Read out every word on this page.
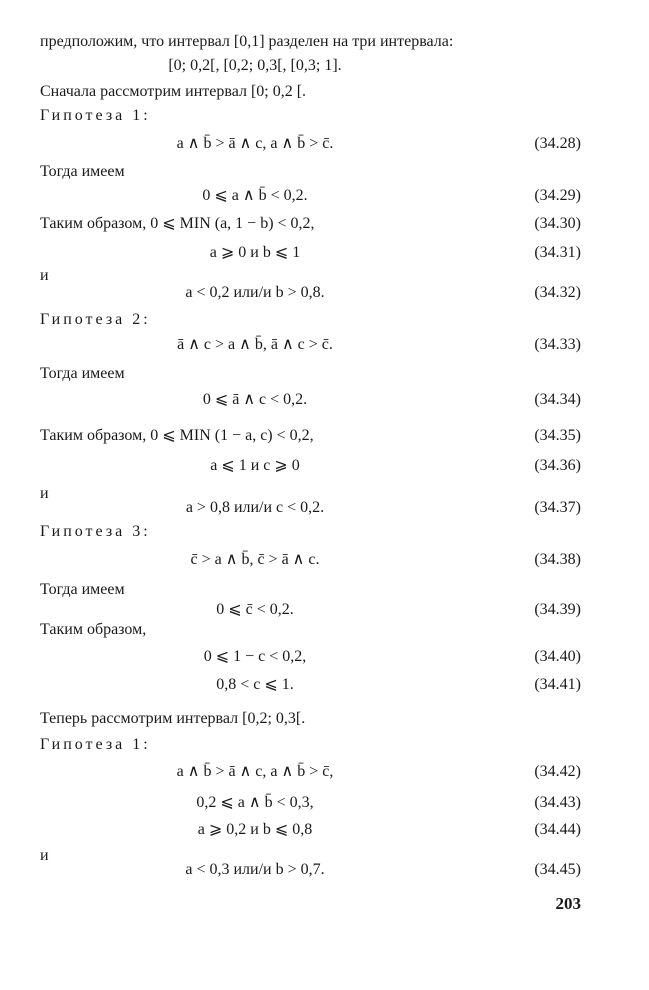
предположим, что интервал [0,1] разделен на три интервала:
[0; 0,2[, [0,2; 0,3[, [0,3; 1].
Сначала рассмотрим интервал [0; 0,2 [.
Гипотеза 1:
a ∧ b̄ > ā ∧ c, a ∧ b̄ > c̄.	(34.28)
Тогда имеем
0 ⩽ a ∧ b̄ < 0,2.	(34.29)
Таким образом, 0 ⩽ MIN (a, 1 − b) < 0,2,	(34.30)
a ⩾ 0 и b ⩽ 1	(34.31)
и
a < 0,2 или/и b > 0,8.	(34.32)
Гипотеза 2:
ā ∧ c > a ∧ b̄, ā ∧ c > c̄.	(34.33)
Тогда имеем
0 ⩽ ā ∧ c < 0,2.	(34.34)
Таким образом, 0 ⩽ MIN (1 − a, c) < 0,2,	(34.35)
a ⩽ 1 и c ⩾ 0	(34.36)
и
a > 0,8 или/и c < 0,2.	(34.37)
Гипотеза 3:
c̄ > a ∧ b̄, c̄ > ā ∧ c.	(34.38)
Тогда имеем
0 ⩽ c̄ < 0,2.	(34.39)
Таким образом,
0 ⩽ 1 − c < 0,2,	(34.40)
0,8 < c ⩽ 1.	(34.41)
Теперь рассмотрим интервал [0,2; 0,3[.
Гипотеза 1:
a ∧ b̄ > ā ∧ c, a ∧ b̄ > c̄,	(34.42)
0,2 ⩽ a ∧ b̄ < 0,3,	(34.43)
a ⩾ 0,2 и b ⩽ 0,8	(34.44)
и
a < 0,3 или/и b > 0,7.	(34.45)
203
